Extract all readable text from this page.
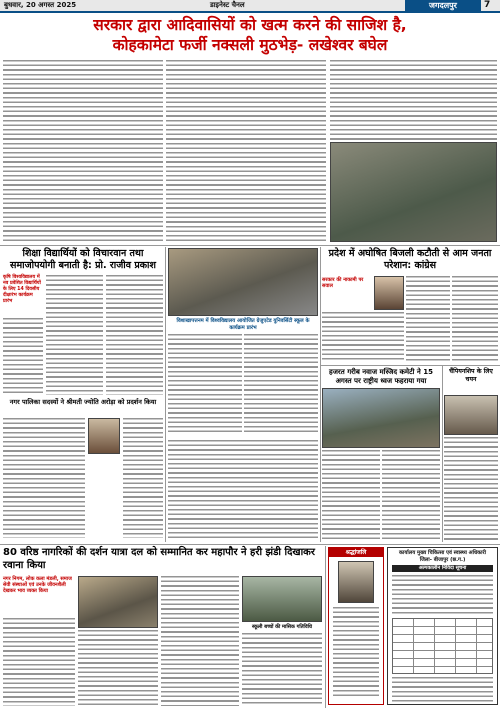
बुधवार, 20 अगस्त 2025	डाइनेस्ट चैनल	जगदलपुर	7
सरकार द्वारा आदिवासियों को खत्म करने की साजिश है,
कोहकामेटा फर्जी नक्सली मुठभेड़- लखेश्वर बघेल
शिक्षा विद्यार्थियों को विचारवान तथा समाजोपयोगी बनाती है: प्रो. राजीव प्रकाश
कृषि विश्वविद्यालय में नव प्रवेशित विद्यार्थियों के लिए 14 दिवसीय दीक्षारंभ कार्यक्रम प्रारंभ
नगर पालिका सदस्यों ने श्रीमती ज्योति अरोड़ा को प्रदर्शन किया
विशाखापत्तनम में विश्वविद्यालय आयोजित ग्रेजुएटेड युनिवर्सिटी स्कूल के कार्यक्रम प्रारंभ
प्रदेश में अघोषित बिजली कटौती से आम जनता परेशान: कांग्रेस
सरकार की नाकामी पर सवाल
हजरत गरीब नवाज मस्जिद कमेटी ने 15 अगस्त पर राष्ट्रीय ध्वज फहराया गया
चैंपियनशिप के लिए चयन
80 वरिष्ठ नागरिकों की दर्शन यात्रा दल को सम्मानित कर महापौर ने हरी झंडी दिखाकर रवाना किया
नगर निगम, लोक कला मंडली, समाज सेवी संस्थाओं एवं उनके जीवनशैली देखकर भाव व्यक्त किया
स्कूली बच्चों की मासिक गतिविधि
श्रद्धांजलि	कार्यालय मुख्य चिकित्सा एवं स्वास्थ्य अधिकारी
जिला- बीजापुर (छ.ग.)
अल्पकालीन निविदा सूचना
